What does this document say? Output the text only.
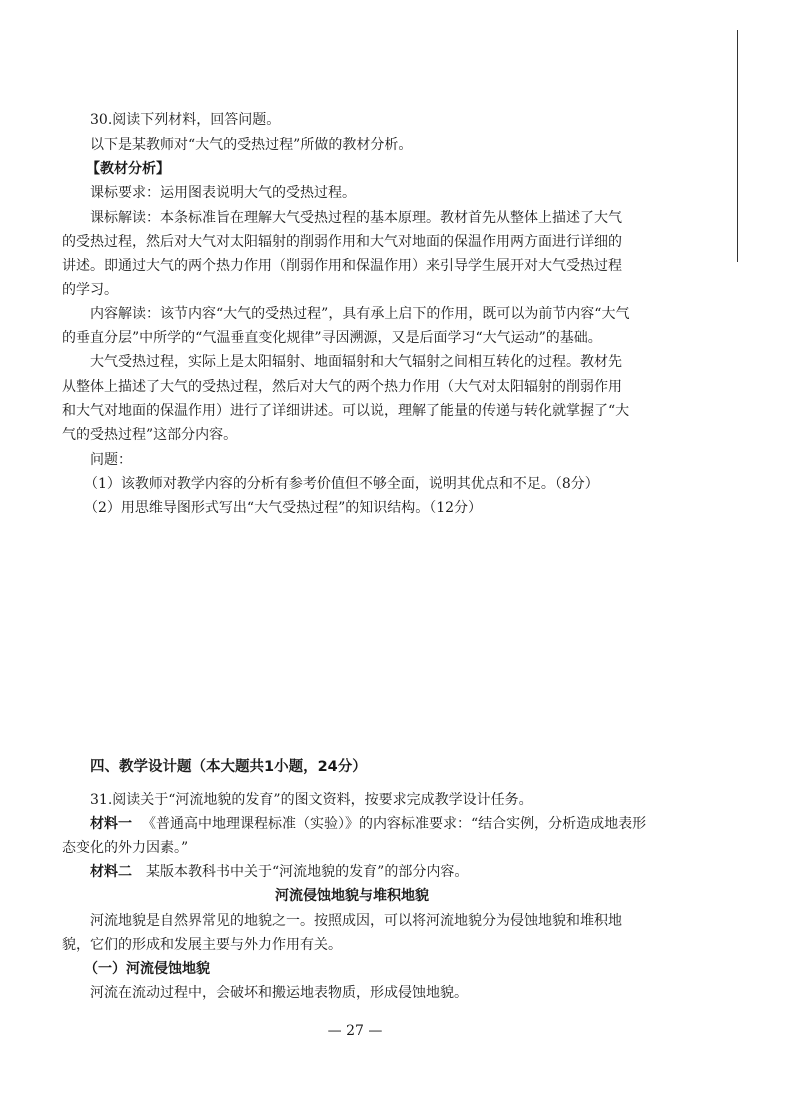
30.阅读下列材料，回答问题。
以下是某教师对“大气的受热过程”所做的教材分析。
【教材分析】
课标要求：运用图表说明大气的受热过程。
课标解读：本条标准旨在理解大气受热过程的基本原理。教材首先从整体上描述了大气
的受热过程，然后对大气对太阳辐射的削弱作用和大气对地面的保温作用两方面进行详细的
讲述。即通过大气的两个热力作用（削弱作用和保温作用）来引导学生展开对大气受热过程
的学习。
内容解读：该节内容“大气的受热过程”，具有承上启下的作用，既可以为前节内容“大气
的垂直分层”中所学的“气温垂直变化规律”寻因溯源，又是后面学习“大气运动”的基础。
大气受热过程，实际上是太阳辐射、地面辐射和大气辐射之间相互转化的过程。教材先
从整体上描述了大气的受热过程，然后对大气的两个热力作用（大气对太阳辐射的削弱作用
和大气对地面的保温作用）进行了详细讲述。可以说，理解了能量的传递与转化就掌握了“大
气的受热过程”这部分内容。
问题：
（1）该教师对教学内容的分析有参考价值但不够全面，说明其优点和不足。（8分）
（2）用思维导图形式写出“大气受热过程”的知识结构。（12分）
四、教学设计题（本大题共1小题，24分）
31.阅读关于“河流地貌的发育”的图文资料，按要求完成教学设计任务。
材料一 《普通高中地理课程标准（实验）》的内容标准要求：“结合实例，分析造成地表形
态变化的外力因素。”
材料二 某版本教科书中关于“河流地貌的发育”的部分内容。
河流侵蚀地貌与堆积地貌
河流地貌是自然界常见的地貌之一。按照成因，可以将河流地貌分为侵蚀地貌和堆积地
貌，它们的形成和发展主要与外力作用有关。
（一）河流侵蚀地貌
河流在流动过程中，会破坏和搬运地表物质，形成侵蚀地貌。
— 27 —
